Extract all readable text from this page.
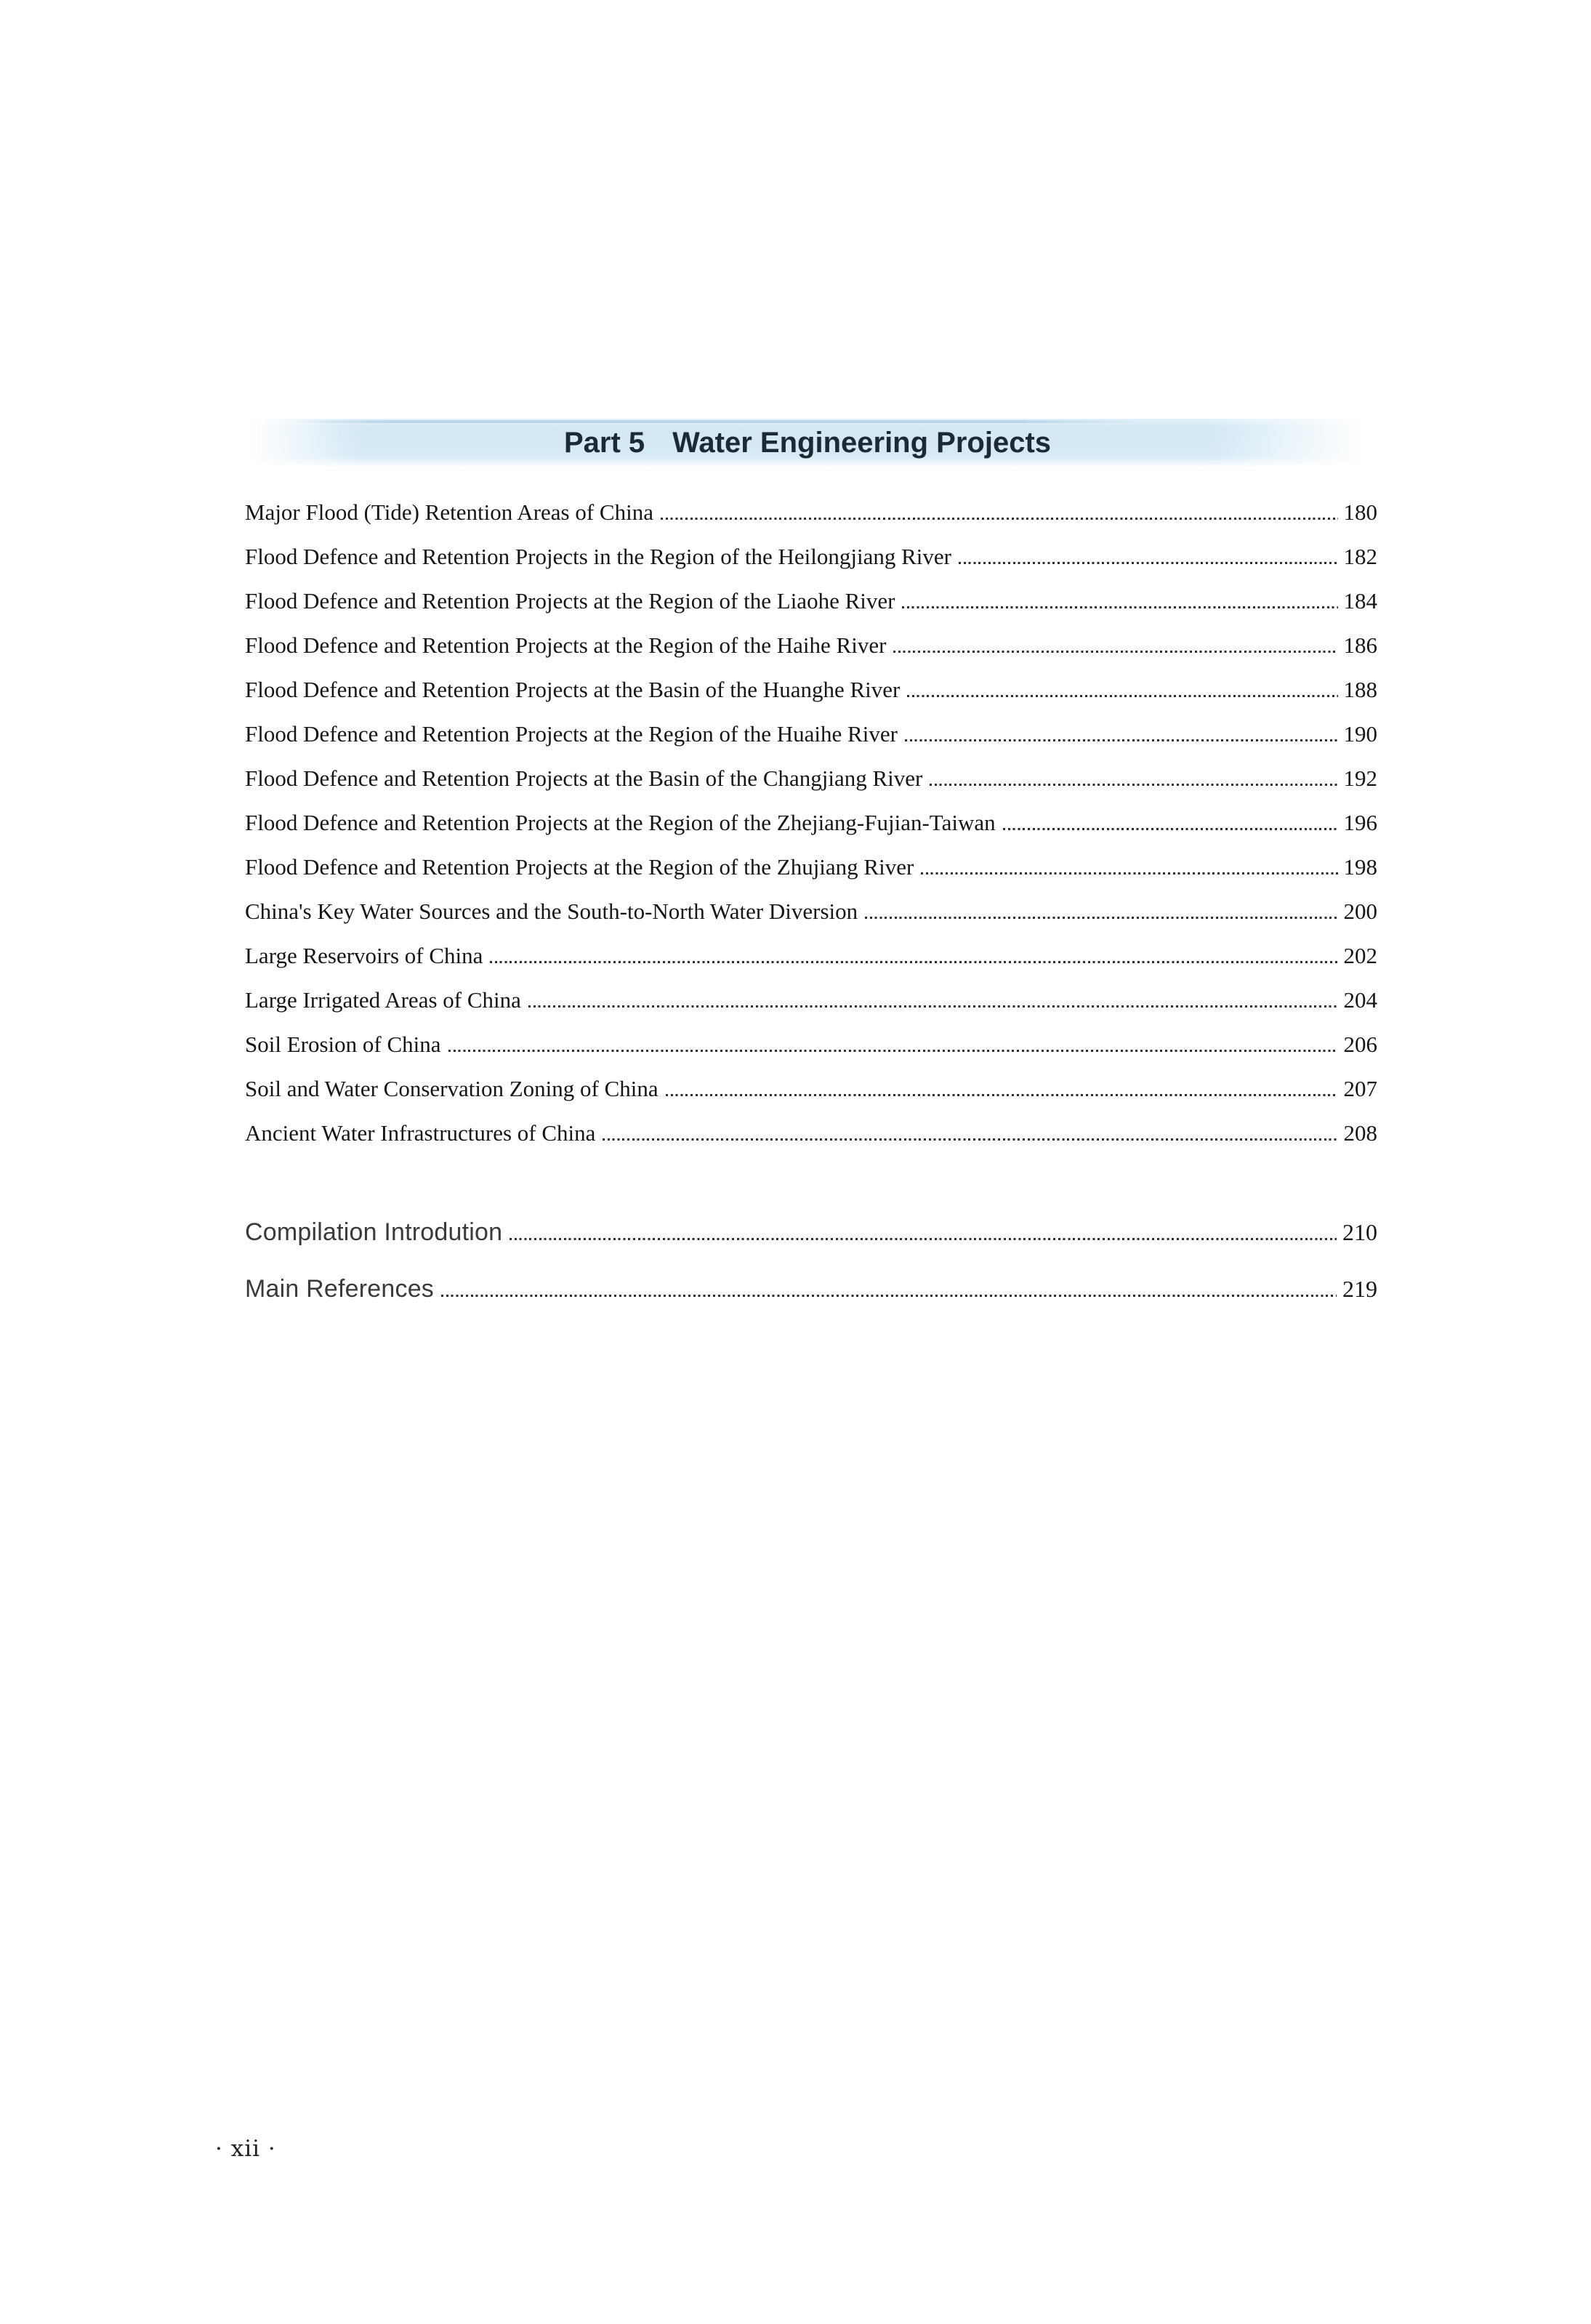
Part 5 Water Engineering Projects
Major Flood (Tide) Retention Areas of China	180
Flood Defence and Retention Projects in the Region of the Heilongjiang River	182
Flood Defence and Retention Projects at the Region of the Liaohe River	184
Flood Defence and Retention Projects at the Region of the Haihe River	186
Flood Defence and Retention Projects at the Basin of the Huanghe River	188
Flood Defence and Retention Projects at the Region of the Huaihe River	190
Flood Defence and Retention Projects at the Basin of the Changjiang River	192
Flood Defence and Retention Projects at the Region of the Zhejiang-Fujian-Taiwan	196
Flood Defence and Retention Projects at the Region of the Zhujiang River	198
China's Key Water Sources and the South-to-North Water Diversion	200
Large Reservoirs of China	202
Large Irrigated Areas of China	204
Soil Erosion of China	206
Soil and Water Conservation Zoning of China	207
Ancient Water Infrastructures of China	208
Compilation Introdution	210
Main References	219
· xii ·
